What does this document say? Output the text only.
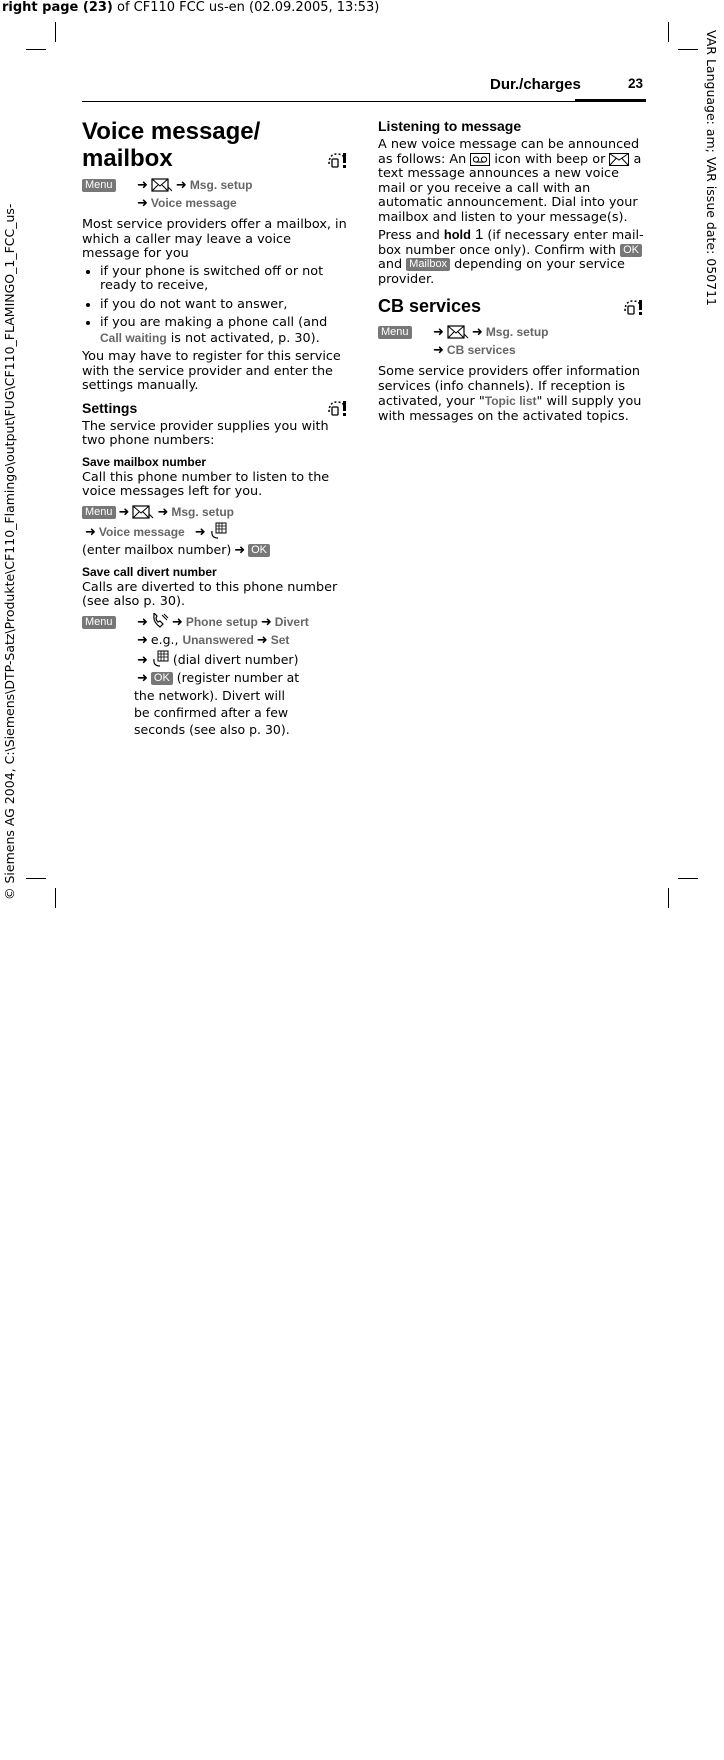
right page (23) of CF110 FCC us-en (02.09.2005, 13:53)
VAR Language: am; VAR issue date: 050711
© Siemens AG 2004, C:\Siemens\DTP-Satz\Produkte\CF110_Flamingo\output\FUG\CF110_FLAMINGO_1_FCC_us-
Dur./charges	23
Voice message/ mailbox
Menu	➜ ➜ Msg. setup
➜ Voice message

Most service providers offer a mailbox, in which a caller may leave a voice message for you

• if your phone is switched off or not ready to receive,
• if you do not want to answer,
• if you are making a phone call (and Call waiting is not activated, p. 30).

You may have to register for this service with the service provider and enter the settings manually.

Settings

The service provider supplies you with two phone numbers:

Save mailbox number

Call this phone number to listen to the voice messages left for you.

Menu ➜ ➜ Msg. setup
➜ Voice message ➜
(enter mailbox number) ➜ OK
Save call divert number

Calls are diverted to this phone number (see also p. 30).

Menu	➜ ➜ Phone setup ➜ Divert
➜ e.g., Unanswered ➜ Set
➜ (dial divert number)
➜ OK (register number at
the network). Divert will
be confirmed after a few
seconds (see also p. 30).
Listening to message

A new voice message can be announced as follows: An  icon with beep or  a text message announces a new voice mail or you receive a call with an automatic announcement. Dial into your mailbox and listen to your message(s).

Press and hold 1 (if necessary enter mail-box number once only). Confirm with OK
and Mailbox depending on your service provider.

CB services
Menu	➜ ➜ Msg. setup
➜ CB services

Some service providers offer information services (info channels). If reception is activated, your "Topic list" will supply you with messages on the activated topics.
